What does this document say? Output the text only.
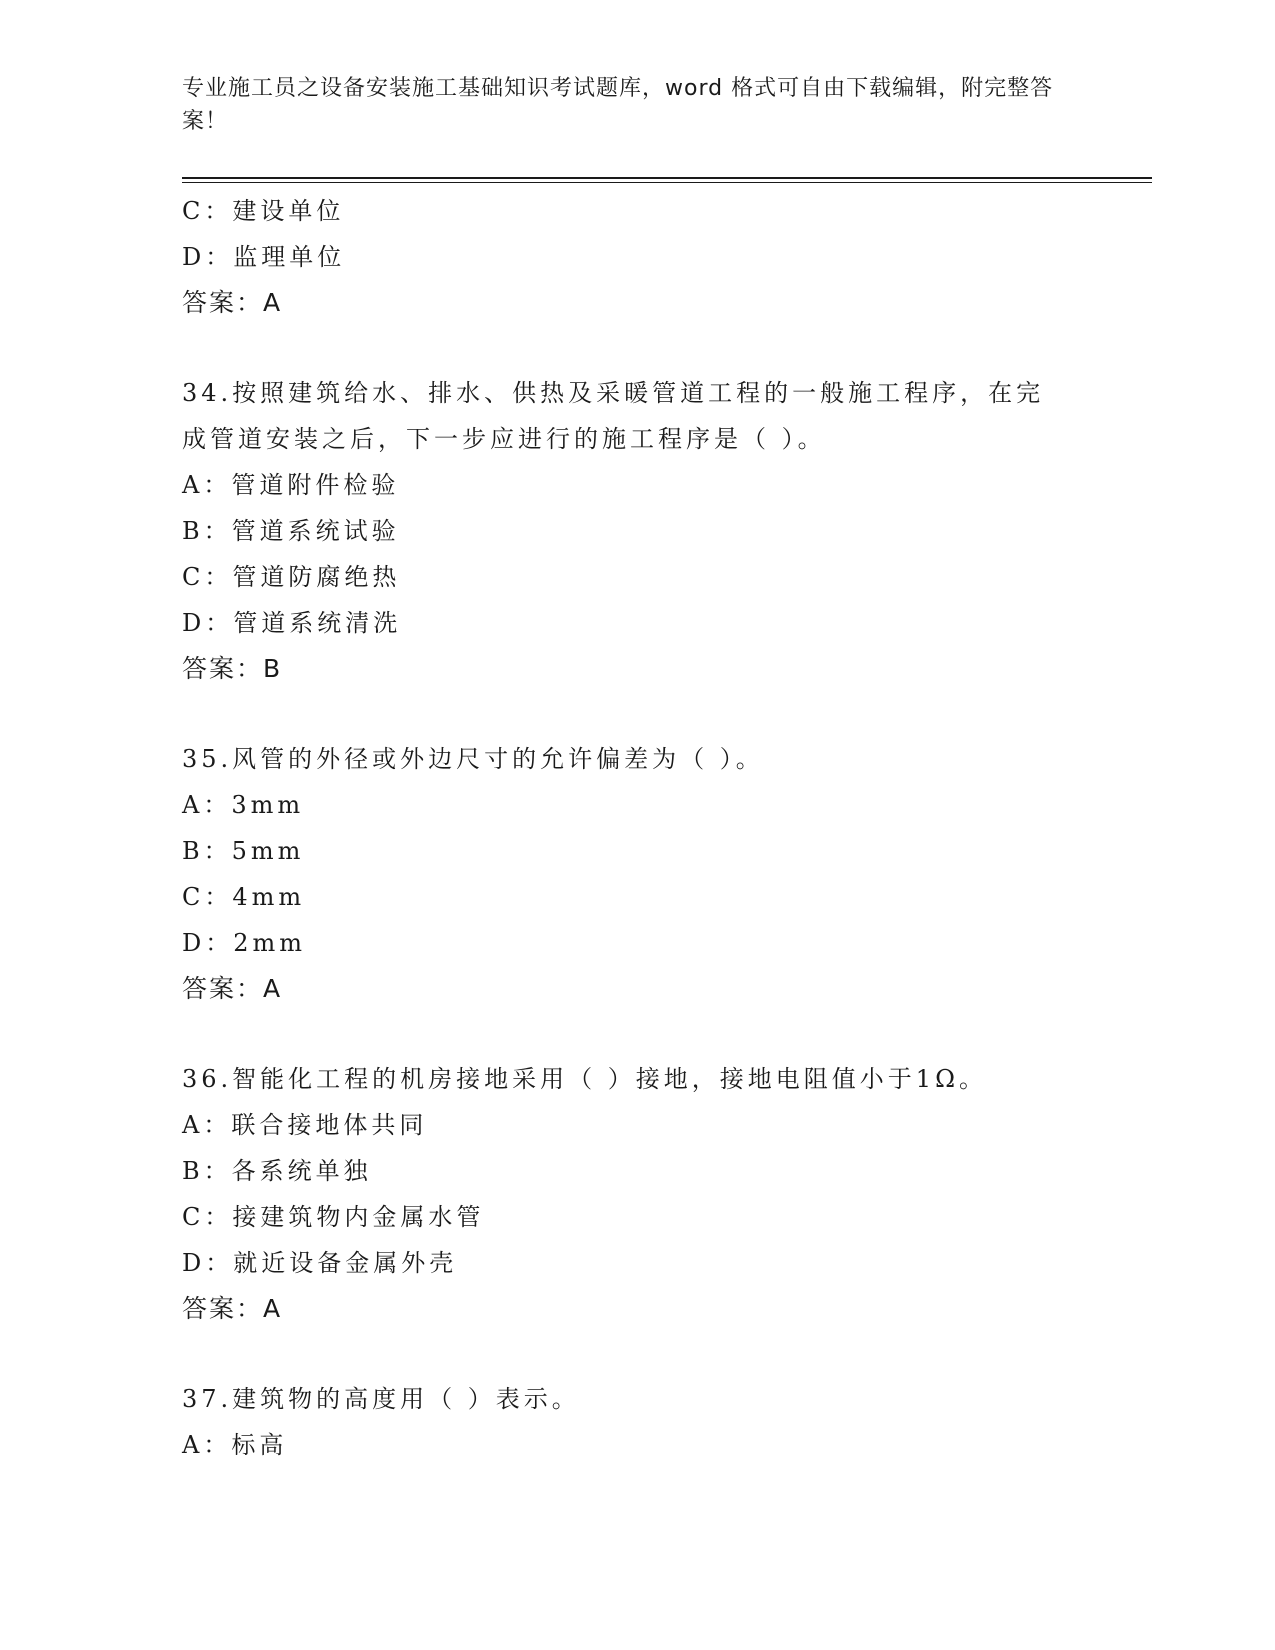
专业施工员之设备安装施工基础知识考试题库，word 格式可自由下载编辑，附完整答案！
C：建设单位
D：监理单位
答案：A
34.按照建筑给水、排水、供热及采暖管道工程的一般施工程序，在完
成管道安装之后，下一步应进行的施工程序是（ ）。
A：管道附件检验
B：管道系统试验
C：管道防腐绝热
D：管道系统清洗
答案：B
35.风管的外径或外边尺寸的允许偏差为（ ）。
A：3mm
B：5mm
C：4mm
D：2mm
答案：A
36.智能化工程的机房接地采用（ ）接地，接地电阻值小于1Ω。
A：联合接地体共同
B：各系统单独
C：接建筑物内金属水管
D：就近设备金属外壳
答案：A
37.建筑物的高度用（ ）表示。
A：标高
